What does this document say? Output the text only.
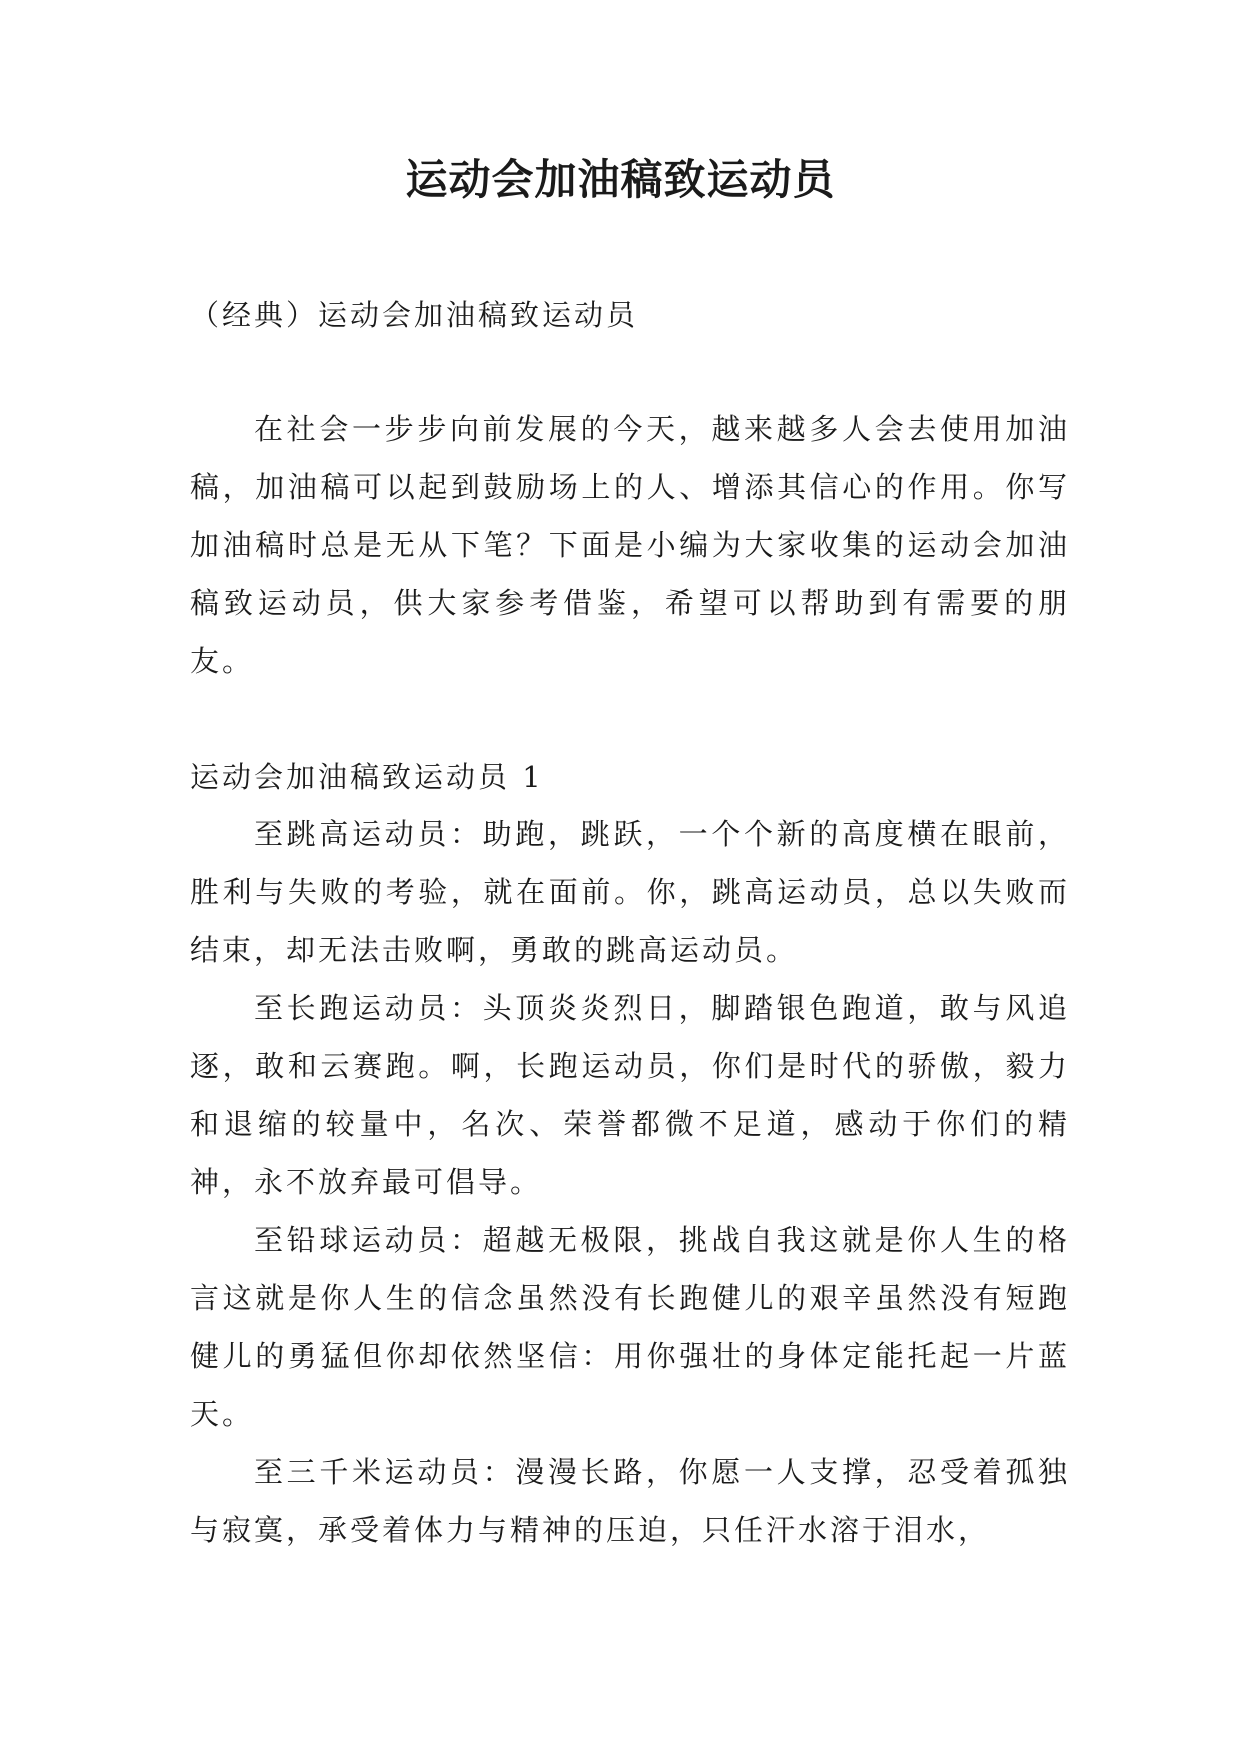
运动会加油稿致运动员

（经典）运动会加油稿致运动员

在社会一步步向前发展的今天，越来越多人会去使用加油稿，加油稿可以起到鼓励场上的人、增添其信心的作用。你写加油稿时总是无从下笔？下面是小编为大家收集的运动会加油稿致运动员，供大家参考借鉴，希望可以帮助到有需要的朋友。

运动会加油稿致运动员 1

至跳高运动员：助跑，跳跃，一个个新的高度横在眼前，胜利与失败的考验，就在面前。你，跳高运动员，总以失败而结束，却无法击败啊，勇敢的跳高运动员。

至长跑运动员：头顶炎炎烈日，脚踏银色跑道，敢与风追逐，敢和云赛跑。啊，长跑运动员，你们是时代的骄傲，毅力和退缩的较量中，名次、荣誉都微不足道，感动于你们的精神，永不放弃最可倡导。

至铅球运动员：超越无极限，挑战自我这就是你人生的格言这就是你人生的信念虽然没有长跑健儿的艰辛虽然没有短跑健儿的勇猛但你却依然坚信：用你强壮的身体定能托起一片蓝天。

至三千米运动员：漫漫长路，你愿一人支撑，忍受着孤独与寂寞，承受着体力与精神的压迫，只任汗水溶于泪水，
